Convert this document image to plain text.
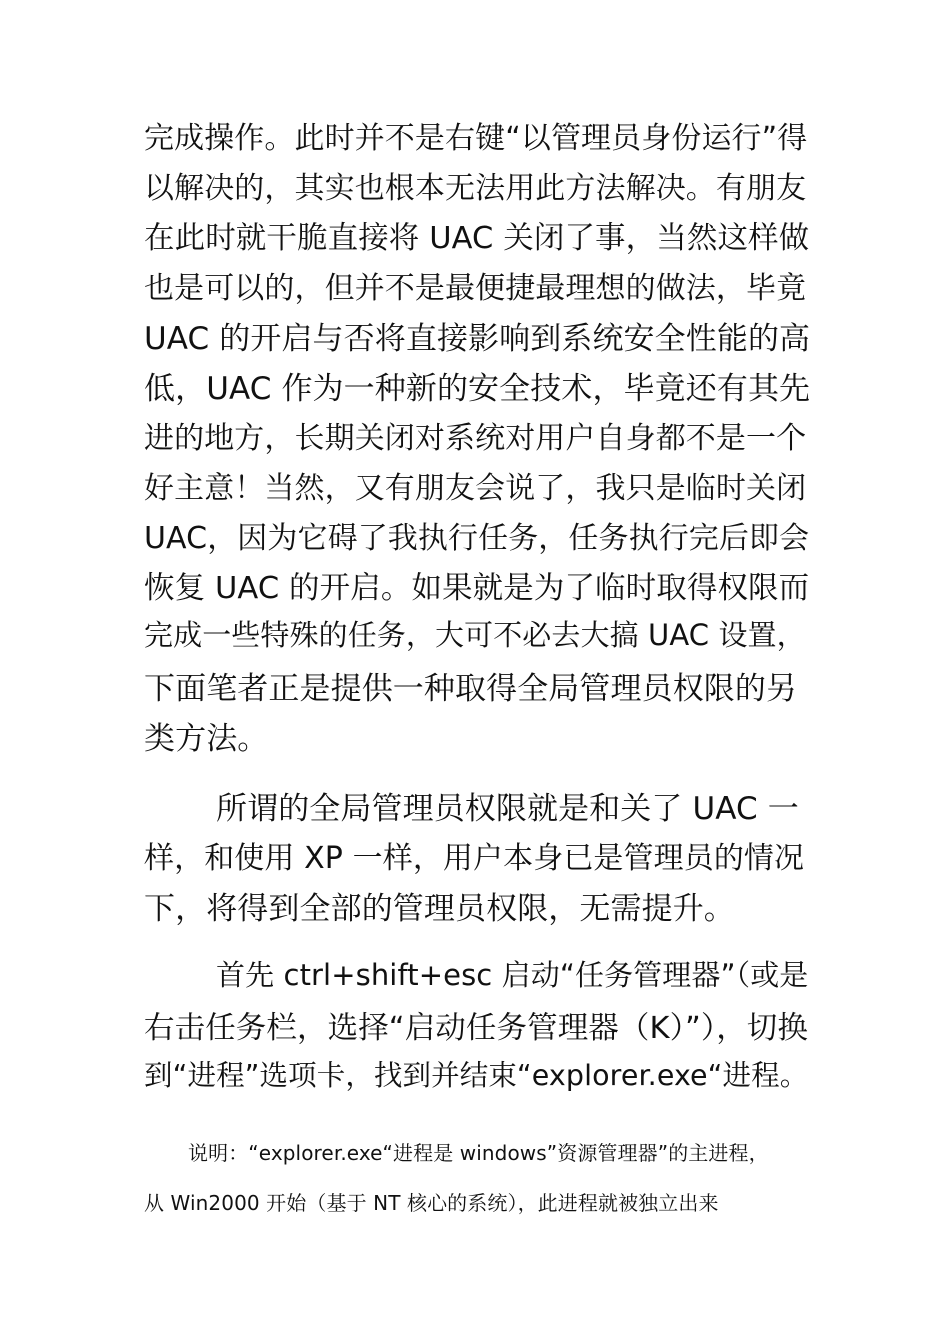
完成操作。此时并不是右键“以管理员身份运行”得
以解决的，其实也根本无法用此方法解决。有朋友
在此时就干脆直接将 UAC 关闭了事，当然这样做
也是可以的，但并不是最便捷最理想的做法，毕竟
UAC 的开启与否将直接影响到系统安全性能的高
低，UAC 作为一种新的安全技术，毕竟还有其先
进的地方，长期关闭对系统对用户自身都不是一个
好主意！当然，又有朋友会说了，我只是临时关闭
UAC，因为它碍了我执行任务，任务执行完后即会
恢复 UAC 的开启。如果就是为了临时取得权限而
完成一些特殊的任务，大可不必去大搞 UAC 设置，
下面笔者正是提供一种取得全局管理员权限的另
类方法。
所谓的全局管理员权限就是和关了 UAC 一
样，和使用 XP 一样，用户本身已是管理员的情况
下，将得到全部的管理员权限，无需提升。
首先 ctrl+shift+esc 启动“任务管理器”（或是
右击任务栏，选择“启动任务管理器（K）”），切换
到“进程”选项卡，找到并结束“explorer.exe“进程。
说明：“explorer.exe“进程是 windows”资源管理器”的主进程，
从 Win2000 开始（基于 NT 核心的系统），此进程就被独立出来
